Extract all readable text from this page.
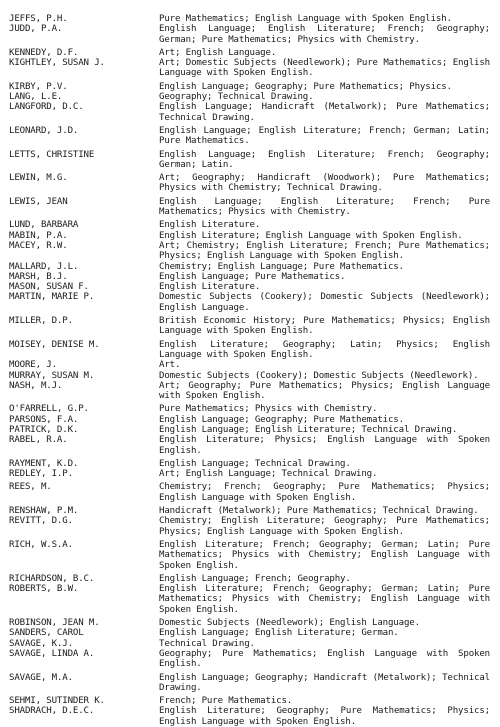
JEFFS, P.H.	Pure Mathematics; English Language with Spoken English.
JUDD, P.A.	English Language; English Literature; French; Geography; German; Pure Mathematics; Physics with Chemistry.
KENNEDY, D.F.	Art; English Language.
KIGHTLEY, SUSAN J.	Art; Domestic Subjects (Needlework); Pure Mathematics; English Language with Spoken English.
KIRBY, P.V.	English Language; Geography; Pure Mathematics; Physics.
LANG, L.E.	Geography; Technical Drawing.
LANGFORD, D.C.	English Language; Handicraft (Metalwork); Pure Mathematics; Technical Drawing.
LEONARD, J.D.	English Language; English Literature; French; German; Latin; Pure Mathematics.
LETTS, CHRISTINE	English Language; English Literature; French; Geography; German; Latin.
LEWIN, M.G.	Art; Geography; Handicraft (Woodwork); Pure Mathematics; Physics with Chemistry; Technical Drawing.
LEWIS, JEAN	English Language; English Literature; French; Pure Mathematics; Physics with Chemistry.
LUND, BARBARA	English Literature.
MABIN, P.A.	English Literature; English Language with Spoken English.
MACEY, R.W.	Art; Chemistry; English Literature; French; Pure Mathematics; Physics; English Language with Spoken English.
MALLARD, J.L.	Chemistry; English Language; Pure Mathematics.
MARSH, B.J.	English Language; Pure Mathematics.
MASON, SUSAN F.	English Literature.
MARTIN, MARIE P.	Domestic Subjects (Cookery); Domestic Subjects (Needlework); English Language.
MILLER, D.P.	British Economic History; Pure Mathematics; Physics; English Language with Spoken English.
MOISEY, DENISE M.	English Literature; Geography; Latin; Physics; English Language with Spoken English.
MOORE, J.	Art.
MURRAY, SUSAN M.	Domestic Subjects (Cookery); Domestic Subjects (Needlework).
NASH, M.J.	Art; Geography; Pure Mathematics; Physics; English Language with Spoken English.
O'FARRELL, G.P.	Pure Mathematics; Physics with Chemistry.
PARSONS, F.A.	English Language; Geography; Pure Mathematics.
PATRICK, D.K.	English Language; English Literature; Technical Drawing.
RABEL, R.A.	English Literature; Physics; English Language with Spoken English.
RAYMENT, K.D.	English Language; Technical Drawing.
REDLEY, I.P.	Art; English Language; Technical Drawing.
REES, M.	Chemistry; French; Geography; Pure Mathematics; Physics; English Language with Spoken English.
RENSHAW, P.M.	Handicraft (Metalwork); Pure Mathematics; Technical Drawing.
REVITT, D.G.	Chemistry; English Literature; Geography; Pure Mathematics; Physics; English Language with Spoken English.
RICH, W.S.A.	English Literature; French; Geography; German; Latin; Pure Mathematics; Physics with Chemistry; English Language with Spoken English.
RICHARDSON, B.C.	English Language; French; Geography.
ROBERTS, B.W.	English Literature; French; Geography; German; Latin; Pure Mathematics; Physics with Chemistry; English Language with Spoken English.
ROBINSON, JEAN M.	Domestic Subjects (Needlework); English Language.
SANDERS, CAROL	English Language; English Literature; German.
SAVAGE, K.J.	Technical Drawing.
SAVAGE, LINDA A.	Geography; Pure Mathematics; English Language with Spoken English.
SAVAGE, M.A.	English Language; Geography; Handicraft (Metalwork); Technical Drawing.
SEHMI, SUTINDER K.	French; Pure Mathematics.
SHADRACH, D.E.C.	English Literature; Geography; Pure Mathematics; Physics; English Language with Spoken English.
